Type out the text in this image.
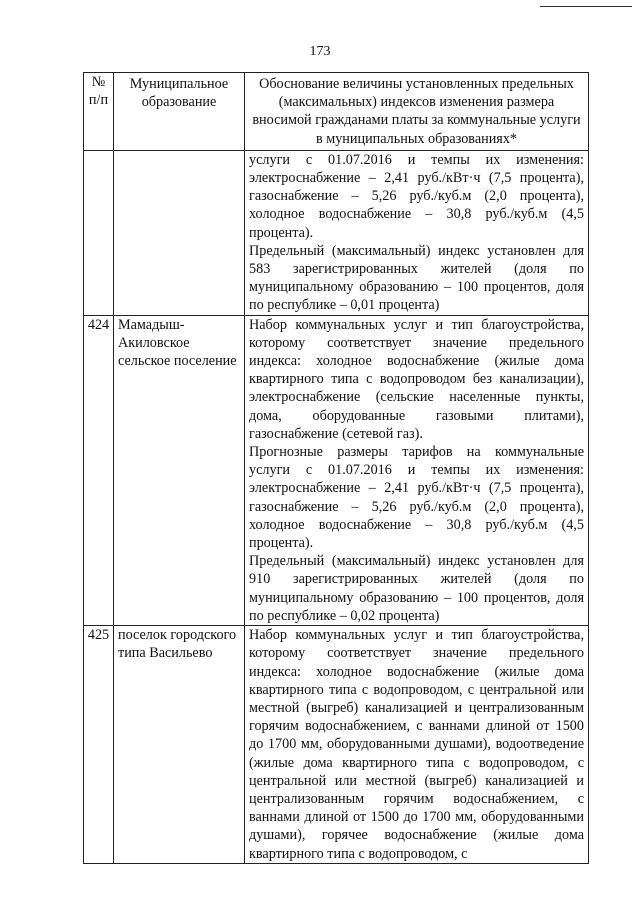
173
№ п/п	Муниципальное образование	Обоснование величины установленных предельных (максимальных) индексов изменения размера вносимой гражданами платы за коммунальные услуги в муниципальных образованиях*

		услуги с 01.07.2016 и темпы их изменения: электроснабжение – 2,41 руб./кВт·ч (7,5 процента), газоснабжение – 5,26 руб./куб.м (2,0 процента), холодное водоснабжение – 30,8 руб./куб.м (4,5 процента).

Предельный (максимальный) индекс установлен для 583 зарегистрированных жителей (доля по муниципальному образованию – 100 процентов, доля по республике – 0,01 процента)

424	Мамадыш-Акиловское сельское поселение	Набор коммунальных услуг и тип благоустройства, которому соответствует значение предельного индекса: холодное водоснабжение (жилые дома квартирного типа с водопроводом без канализации), электроснабжение (сельские населенные пункты, дома, оборудованные газовыми плитами), газоснабжение (сетевой газ).

Прогнозные размеры тарифов на коммунальные услуги с 01.07.2016 и темпы их изменения: электроснабжение – 2,41 руб./кВт·ч (7,5 процента), газоснабжение – 5,26 руб./куб.м (2,0 процента), холодное водоснабжение – 30,8 руб./куб.м (4,5 процента).

Предельный (максимальный) индекс установлен для 910 зарегистрированных жителей (доля по муниципальному образованию – 100 процентов, доля по республике – 0,02 процента)

425	поселок городского типа Васильево	Набор коммунальных услуг и тип благоустройства, которому соответствует значение предельного индекса: холодное водоснабжение (жилые дома квартирного типа с водопроводом, с центральной или местной (выгреб) канализацией и централизованным горячим водоснабжением, с ваннами длиной от 1500 до 1700 мм, оборудованными душами), водоотведение (жилые дома квартирного типа с водопроводом, с центральной или местной (выгреб) канализацией и централизованным горячим водоснабжением, с ваннами длиной от 1500 до 1700 мм, оборудованными душами), горячее водоснабжение (жилые дома квартирного типа с водопроводом, с
